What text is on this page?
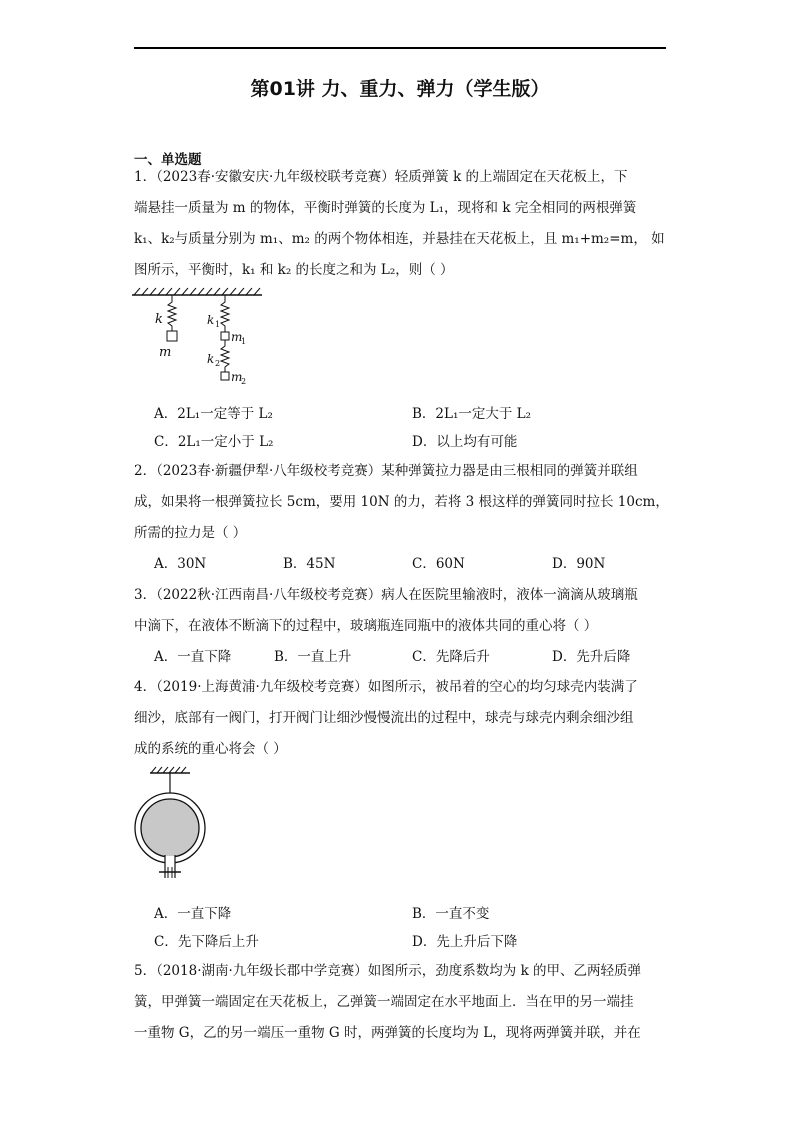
第01讲 力、重力、弹力（学生版）
一、单选题
1．（2023春·安徽安庆·九年级校联考竞赛）轻质弹簧 k 的上端固定在天花板上，下
端悬挂一质量为 m 的物体，平衡时弹簧的长度为 L₁，现将和 k 完全相同的两根弹簧
k₁、k₂与质量分别为 m₁、m₂ 的两个物体相连，并悬挂在天花板上，且 m₁+m₂=m， 如
图所示，平衡时，k₁ 和 k₂ 的长度之和为 L₂，则（ ）
k
m
k 1
m
1
k 2
m
2
A．2L₁一定等于 L₂	B．2L₁一定大于 L₂
C．2L₁一定小于 L₂	D．以上均有可能
2．（2023春·新疆伊犁·八年级校考竞赛）某种弹簧拉力器是由三根相同的弹簧并联组
成，如果将一根弹簧拉长 5cm，要用 10N 的力，若将 3 根这样的弹簧同时拉长 10cm，
所需的拉力是（ ）
A．30N	B．45N	C．60N	D．90N
3．（2022秋·江西南昌·八年级校考竞赛）病人在医院里输液时，液体一滴滴从玻璃瓶
中滴下，在液体不断滴下的过程中，玻璃瓶连同瓶中的液体共同的重心将（ ）
A．一直下降	B．一直上升	C．先降后升	D．先升后降
4．（2019·上海黄浦·九年级校考竞赛）如图所示，被吊着的空心的均匀球壳内装满了
细沙，底部有一阀门，打开阀门让细沙慢慢流出的过程中，球壳与球壳内剩余细沙组
成的系统的重心将会（ ）
A．一直下降	B．一直不变
C．先下降后上升	D．先上升后下降
5．（2018·湖南·九年级长郡中学竞赛）如图所示，劲度系数均为 k 的甲、乙两轻质弹
簧，甲弹簧一端固定在天花板上，乙弹簧一端固定在水平地面上．当在甲的另一端挂
一重物 G，乙的另一端压一重物 G 时，两弹簧的长度均为 L，现将两弹簧并联，并在
